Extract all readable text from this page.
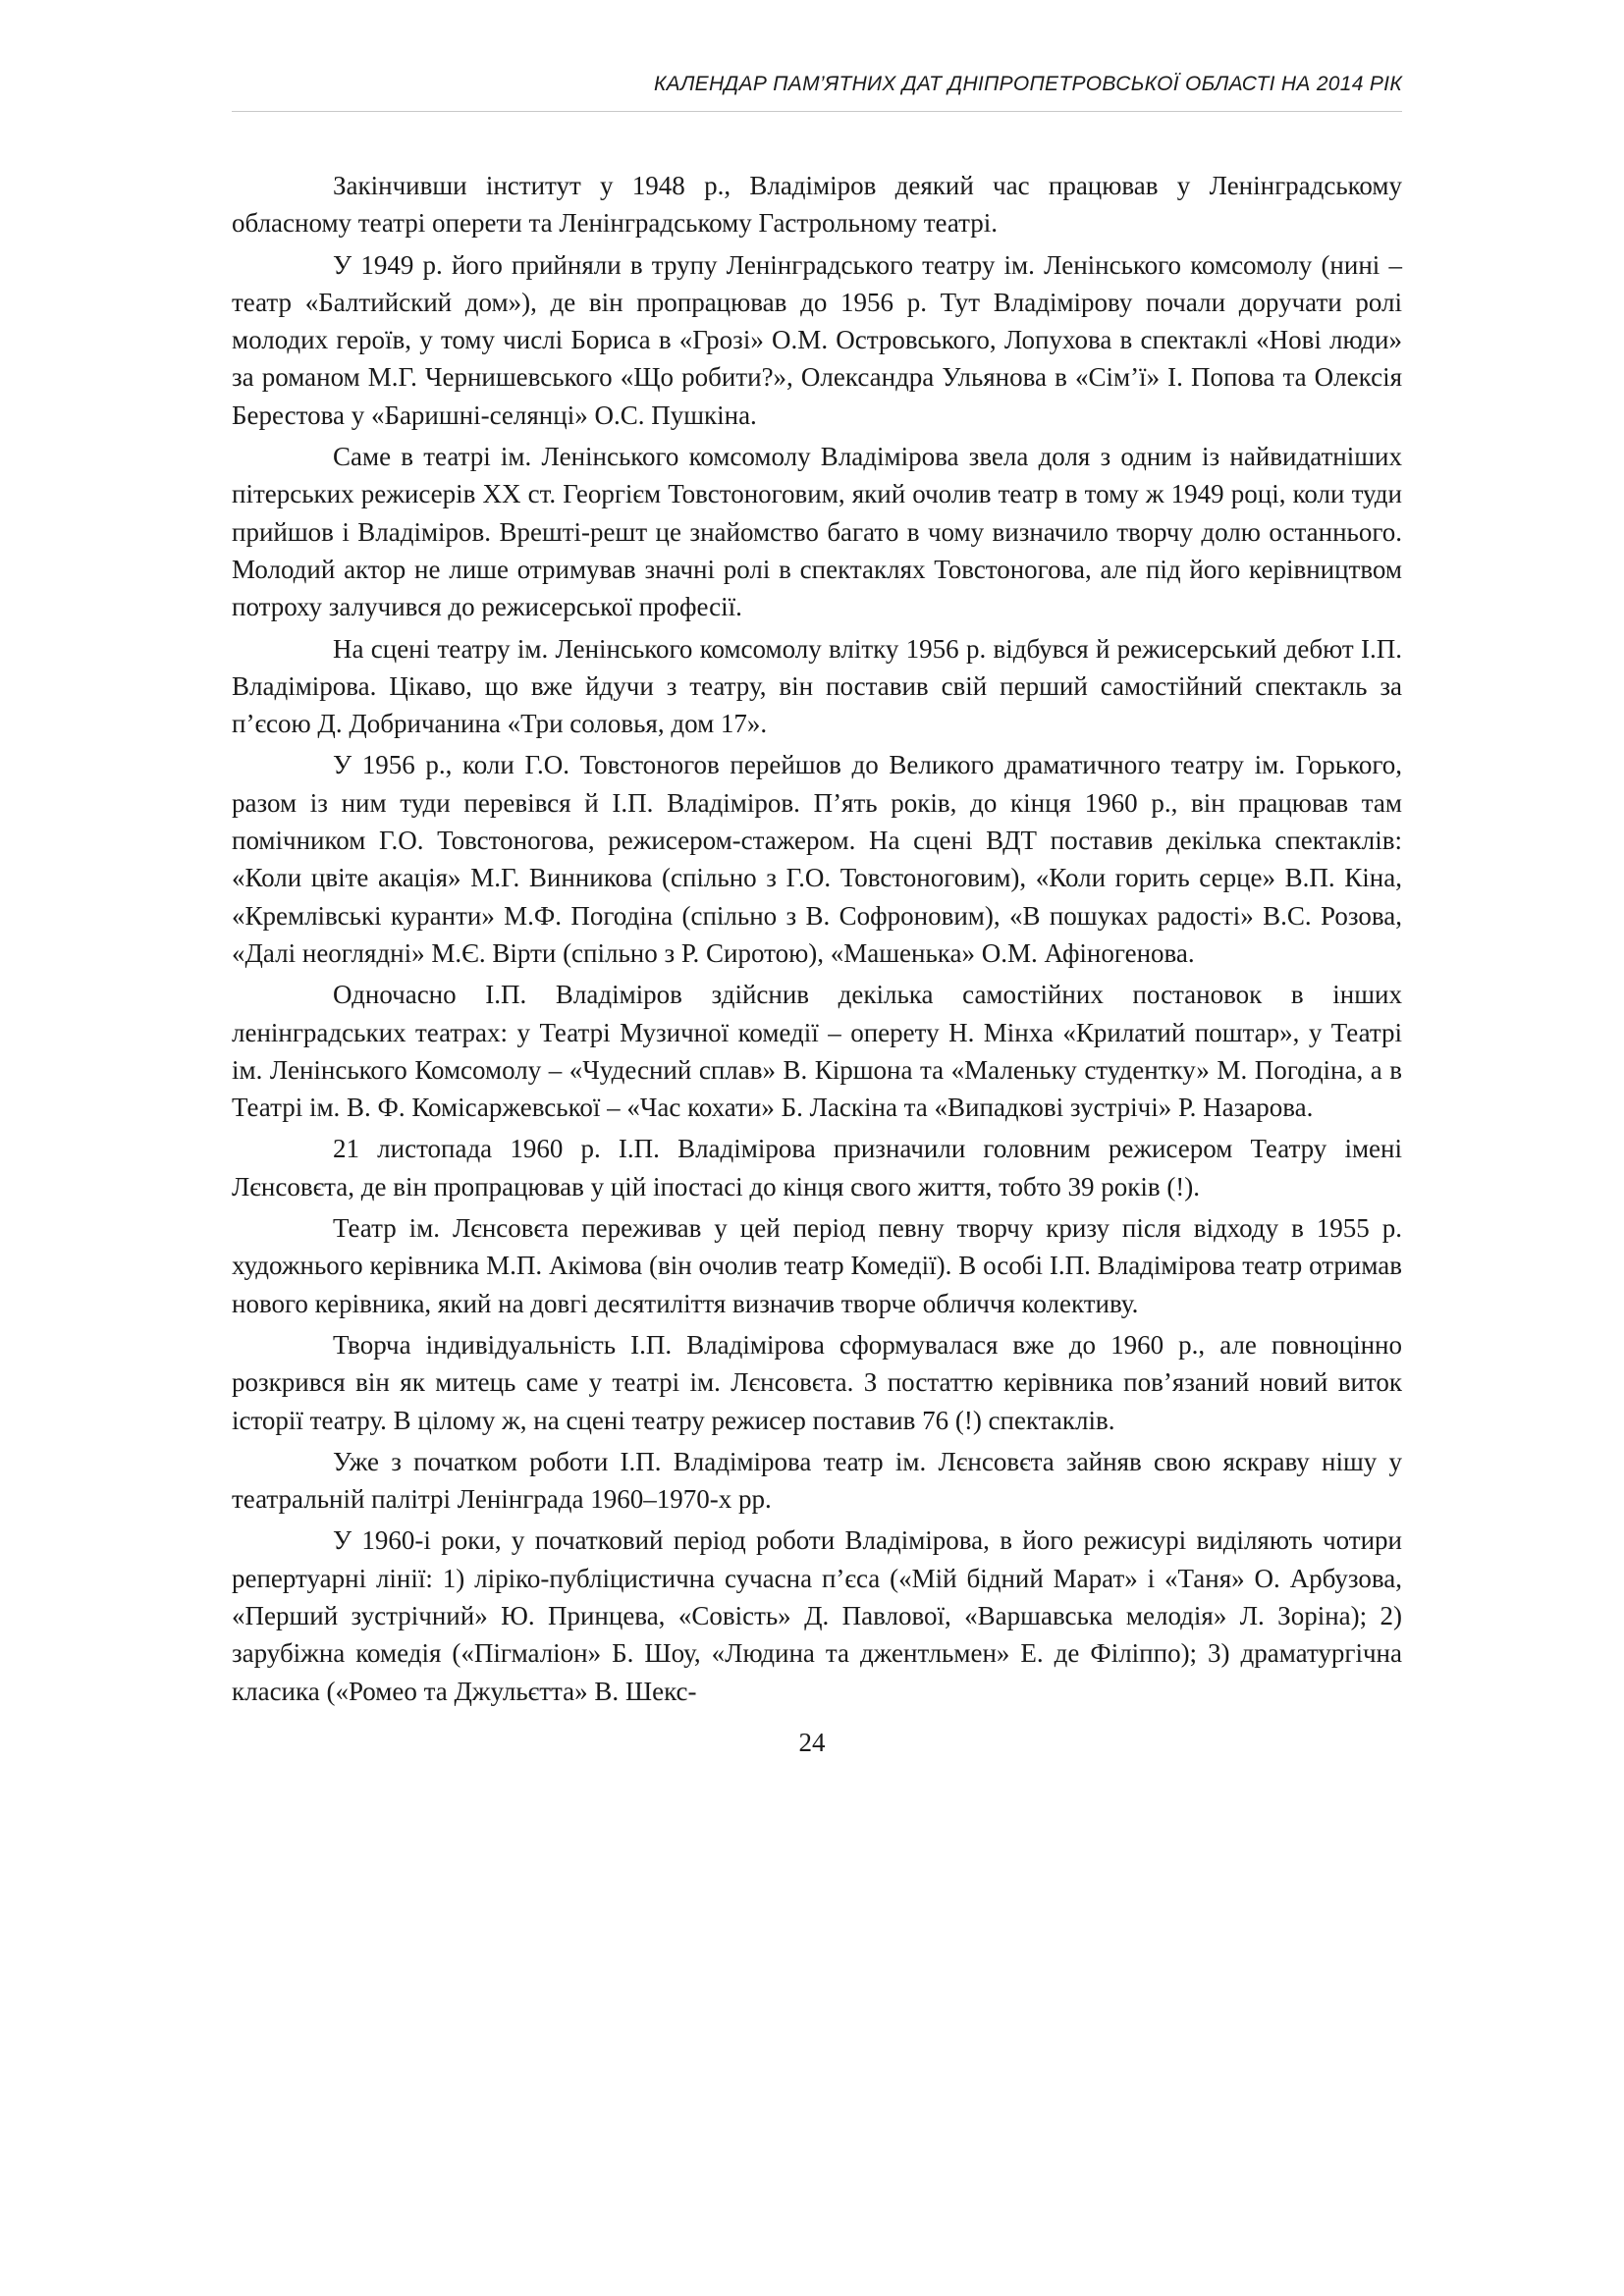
КАЛЕНДАР ПАМ’ЯТНИХ ДАТ ДНІПРОПЕТРОВСЬКОЇ ОБЛАСТІ НА 2014 РІК

Закінчивши інститут у 1948 р., Владіміров деякий час працював у Ленінградському обласному театрі оперети та Ленінградському Гастрольному театрі.

У 1949 р. його прийняли в трупу Ленінградського театру ім. Ленінського комсомолу (нині – театр «Балтийский дом»), де він пропрацював до 1956 р. Тут Владімірову почали доручати ролі молодих героїв, у тому числі Бориса в «Грозі» О.М. Островського, Лопухова в спектаклі «Нові люди» за романом М.Г. Чернишевського «Що робити?», Олександра Ульянова в «Сім’ї» І. Попова та Олексія Берестова у «Баришні-селянці» О.С. Пушкіна.

Саме в театрі ім. Ленінського комсомолу Владімірова звела доля з одним із найвидатніших пітерських режисерів XX ст. Георгієм Товстоноговим, який очолив театр в тому ж 1949 році, коли туди прийшов і Владіміров. Врешті-решт це знайомство багато в чому визначило творчу долю останнього. Молодий актор не лише отримував значні ролі в спектаклях Товстоногова, але під його керівництвом потроху залучився до режисерської професії.

На сцені театру ім. Ленінського комсомолу влітку 1956 р. відбувся й режисерський дебют І.П. Владімірова. Цікаво, що вже йдучи з театру, він поставив свій перший самостійний спектакль за п’єсою Д. Добричанина «Три соловья, дом 17».

У 1956 р., коли Г.О. Товстоногов перейшов до Великого драматичного театру ім. Горького, разом із ним туди перевівся й І.П. Владіміров. П’ять років, до кінця 1960 р., він працював там помічником Г.О. Товстоногова, режисером-стажером. На сцені ВДТ поставив декілька спектаклів: «Коли цвіте акація» М.Г. Винникова (спільно з Г.О. Товстоноговим), «Коли горить серце» В.П. Кіна, «Кремлівські куранти» М.Ф. Погодіна (спільно з В. Софроновим), «В пошуках радості» В.С. Розова, «Далі неоглядні» М.Є. Вірти (спільно з Р. Сиротою), «Машенька» О.М. Афіногенова.

Одночасно І.П. Владіміров здійснив декілька самостійних постановок в інших ленінградських театрах: у Театрі Музичної комедії – оперету Н. Мінха «Крилатий поштар», у Театрі ім. Ленінського Комсомолу – «Чудесний сплав» В. Кіршона та «Маленьку студентку» М. Погодіна, а в Театрі ім. В. Ф. Комісаржевської – «Час кохати» Б. Ласкіна та «Випадкові зустрічі» Р. Назарова.

21 листопада 1960 р. І.П. Владімірова призначили головним режисером Театру імені Лєнсовєта, де він пропрацював у цій іпостасі до кінця свого життя, тобто 39 років (!).

Театр ім. Лєнсовєта переживав у цей період певну творчу кризу після відходу в 1955 р. художнього керівника М.П. Акімова (він очолив театр Комедії). В особі І.П. Владімірова театр отримав нового керівника, який на довгі десятиліття визначив творче обличчя колективу.

Творча індивідуальність І.П. Владімірова сформувалася вже до 1960 р., але повноцінно розкрився він як митець саме у театрі ім. Лєнсовєта. З постаттю керівника пов’язаний новий виток історії театру. В цілому ж, на сцені театру режисер поставив 76 (!) спектаклів.

Уже з початком роботи І.П. Владімірова театр ім. Лєнсовєта зайняв свою яскраву нішу у театральній палітрі Ленінграда 1960–1970-х рр.

У 1960-і роки, у початковий період роботи Владімірова, в його режисурі виділяють чотири репертуарні лінії: 1) ліріко-публіцистична сучасна п’єса («Мій бідний Марат» і «Таня» О. Арбузова, «Перший зустрічний» Ю. Принцева, «Совість» Д. Павлової, «Варшавська мелодія» Л. Зоріна); 2) зарубіжна комедія («Пігмаліон» Б. Шоу, «Людина та джентльмен» Е. де Філіппо); 3) драматургічна класика («Ромео та Джульєтта» В. Шекс-

24
